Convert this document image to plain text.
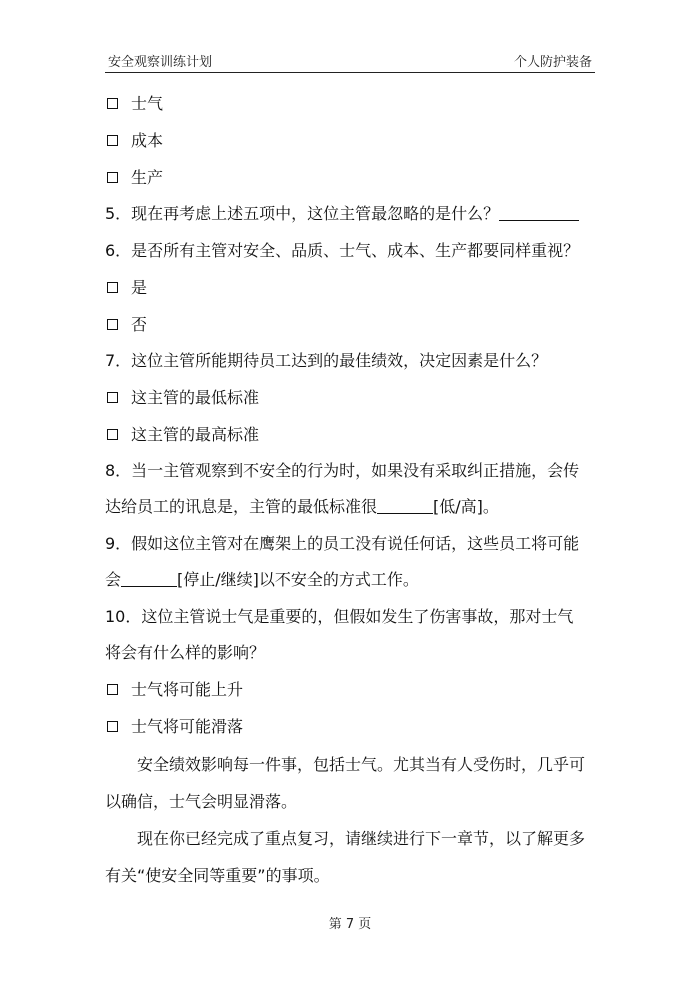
安全观察训练计划	个人防护装备
士气
成本
生产
5．现在再考虑上述五项中，这位主管最忽略的是什么？
6．是否所有主管对安全、品质、士气、成本、生产都要同样重视？
是
否
7．这位主管所能期待员工达到的最佳绩效，决定因素是什么？
这主管的最低标准
这主管的最高标准
8．当一主管观察到不安全的行为时，如果没有采取纠正措施，会传
达给员工的讯息是，主管的最低标准很	[低/高]。
9．假如这位主管对在鹰架上的员工没有说任何话，这些员工将可能
会	[停止/继续]以不安全的方式工作。
10．这位主管说士气是重要的，但假如发生了伤害事故，那对士气
将会有什么样的影响？
士气将可能上升
士气将可能滑落
安全绩效影响每一件事，包括士气。尤其当有人受伤时，几乎可
以确信，士气会明显滑落。
现在你已经完成了重点复习，请继续进行下一章节，以了解更多
有关“使安全同等重要”的事项。
第 7 页
